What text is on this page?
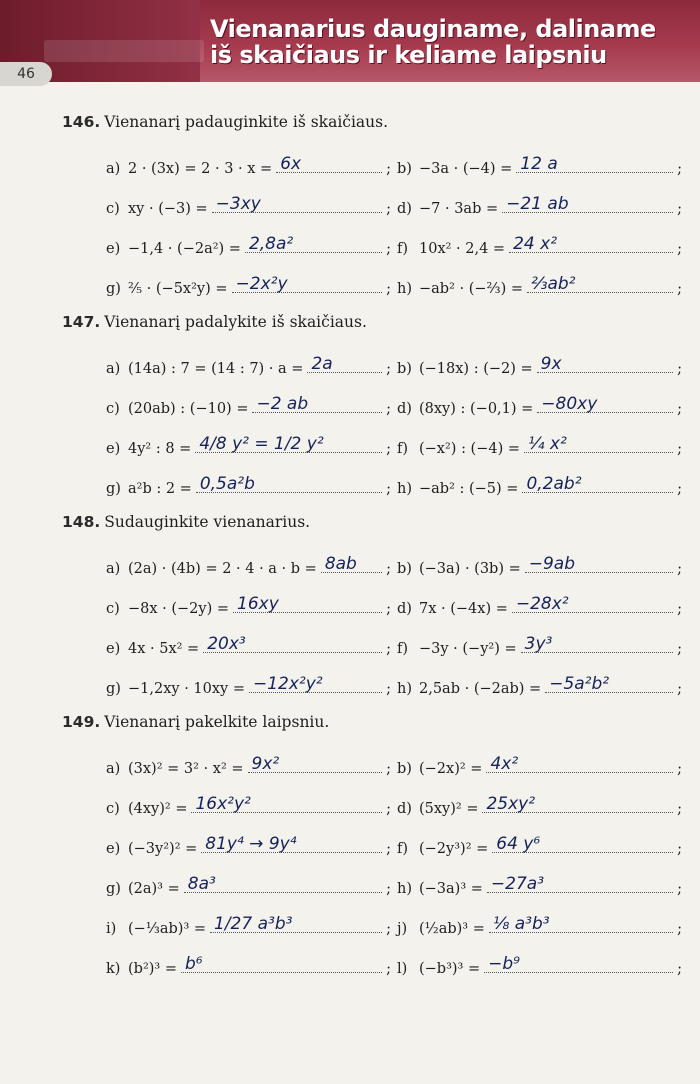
Vienanarius dauginame, daliname
iš skaičiaus ir keliame laipsniu
46
146. Vienanarį padauginkite iš skaičiaus.
a) 2 · (3x) = 2 · 3 · x = 6x	; b) −3a · (−4) = 12 a	;
c) xy · (−3) = −3xy	; d) −7 · 3ab = −21 ab	;
e) −1,4 · (−2a²) = 2,8a²	; f) 10x² · 2,4 = 24 x²	;
g) ⅖ · (−5x²y) = −2x²y	; h) −ab² · (−⅔) = ⅔ab²	;
147. Vienanarį padalykite iš skaičiaus.
a) (14a) : 7 = (14 : 7) · a = 2a	; b) (−18x) : (−2) = 9x	;
c) (20ab) : (−10) = −2 ab	; d) (8xy) : (−0,1) = −80xy	;
e) 4y² : 8 = 4/8 y² = 1/2 y²	; f) (−x²) : (−4) = ¼ x²	;
g) a²b : 2 = 0,5a²b	; h) −ab² : (−5) = 0,2ab²	;
148. Sudauginkite vienanarius.
a) (2a) · (4b) = 2 · 4 · a · b = 8ab ; b) (−3a) · (3b) = −9ab	;
c) −8x · (−2y) = 16xy	; d) 7x · (−4x) = −28x²	;
e) 4x · 5x² = 20x³	; f) −3y · (−y²) = 3y³	;
g) −1,2xy · 10xy = −12x²y²	; h) 2,5ab · (−2ab) = −5a²b²	;
149. Vienanarį pakelkite laipsniu.
a) (3x)² = 3² · x² = 9x²	; b) (−2x)² = 4x²	;
c) (4xy)² = 16x²y²	; d) (5xy)² = 25xy²	;
e) (−3y²)² = 81y⁴ → 9y⁴	; f) (−2y³)² = 64 y⁶	;
g) (2a)³ = 8a³	; h) (−3a)³ = −27a³	;
i) (−⅓ab)³ = 1/27 a³b³	; j) (½ab)³ = ⅛ a³b³	;
k) (b²)³ = b⁶	; l) (−b³)³ = −b⁹	;
